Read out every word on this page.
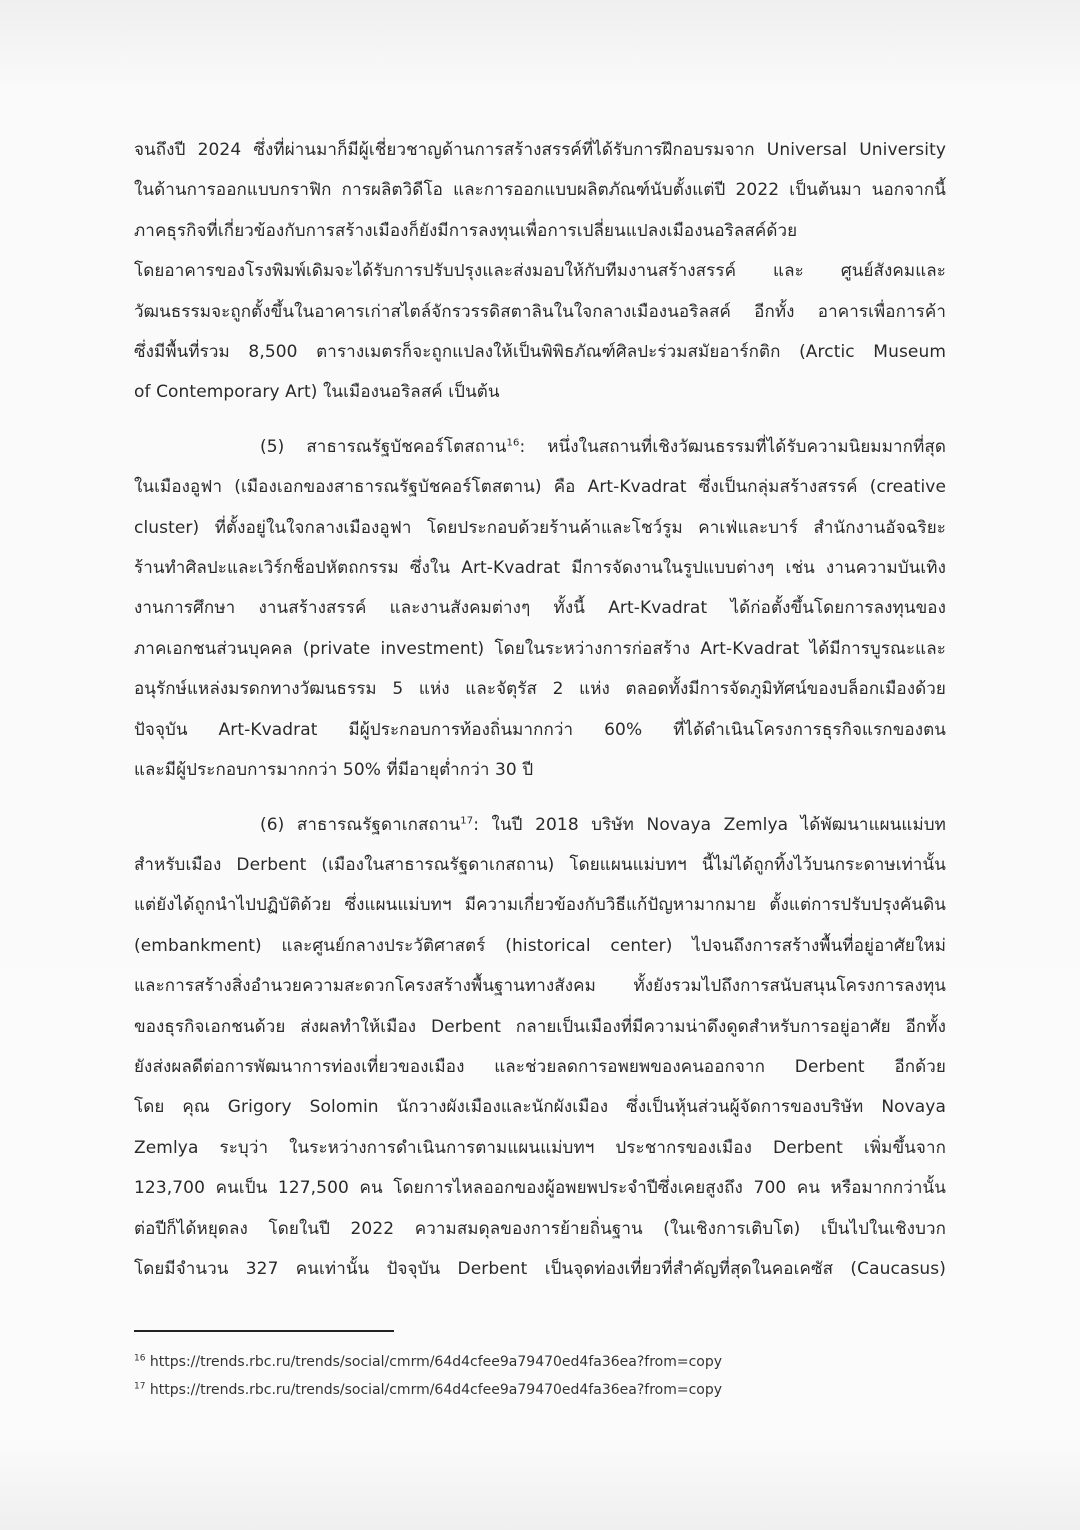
จนถึงปี 2024 ซึ่งที่ผ่านมาก็มีผู้เชี่ยวชาญด้านการสร้างสรรค์ที่ได้รับการฝึกอบรมจาก Universal University
ในด้านการออกแบบกราฟิก การผลิตวิดีโอ และการออกแบบผลิตภัณฑ์นับตั้งแต่ปี 2022 เป็นต้นมา นอกจากนี้
ภาคธุรกิจที่เกี่ยวข้องกับการสร้างเมืองก็ยังมีการลงทุนเพื่อการเปลี่ยนแปลงเมืองนอริลสค์ด้วย
โดยอาคารของโรงพิมพ์เดิมจะได้รับการปรับปรุงและส่งมอบให้กับทีมงานสร้างสรรค์ และ ศูนย์สังคมและ
วัฒนธรรมจะถูกตั้งขึ้นในอาคารเก่าสไตล์จักรวรรดิสตาลินในใจกลางเมืองนอริลสค์ อีกทั้ง อาคารเพื่อการค้า
ซึ่งมีพื้นที่รวม 8,500 ตารางเมตรก็จะถูกแปลงให้เป็นพิพิธภัณฑ์ศิลปะร่วมสมัยอาร์กติก (Arctic Museum
of Contemporary Art) ในเมืองนอริลสค์ เป็นต้น
(5) สาธารณรัฐบัชคอร์โตสถาน$^{16}$: หนึ่งในสถานที่เชิงวัฒนธรรมที่ได้รับความนิยมมากที่สุด
ในเมืองอูฟา (เมืองเอกของสาธารณรัฐบัชคอร์โตสตาน) คือ Art-Kvadrat ซึ่งเป็นกลุ่มสร้างสรรค์ (creative
cluster) ที่ตั้งอยู่ในใจกลางเมืองอูฟา โดยประกอบด้วยร้านค้าและโชว์รูม คาเฟ่และบาร์ สำนักงานอัจฉริยะ
ร้านทำศิลปะและเวิร์กช็อปหัตถกรรม ซึ่งใน Art-Kvadrat มีการจัดงานในรูปแบบต่างๆ เช่น งานความบันเทิง
งานการศึกษา งานสร้างสรรค์ และงานสังคมต่างๆ ทั้งนี้ Art-Kvadrat ได้ก่อตั้งขึ้นโดยการลงทุนของ
ภาคเอกชนส่วนบุคคล (private investment) โดยในระหว่างการก่อสร้าง Art-Kvadrat ได้มีการบูรณะและ
อนุรักษ์แหล่งมรดกทางวัฒนธรรม 5 แห่ง และจัตุรัส 2 แห่ง ตลอดทั้งมีการจัดภูมิทัศน์ของบล็อกเมืองด้วย
ปัจจุบัน Art-Kvadrat มีผู้ประกอบการท้องถิ่นมากกว่า 60% ที่ได้ดำเนินโครงการธุรกิจแรกของตน
และมีผู้ประกอบการมากกว่า 50% ที่มีอายุต่ำกว่า 30 ปี
(6) สาธารณรัฐดาเกสถาน$^{17}$: ในปี 2018 บริษัท Novaya Zemlya ได้พัฒนาแผนแม่บท
สำหรับเมือง Derbent (เมืองในสาธารณรัฐดาเกสถาน) โดยแผนแม่บทฯ นี้ไม่ได้ถูกทิ้งไว้บนกระดาษเท่านั้น
แต่ยังได้ถูกนำไปปฏิบัติด้วย ซึ่งแผนแม่บทฯ มีความเกี่ยวข้องกับวิธีแก้ปัญหามากมาย ตั้งแต่การปรับปรุงคันดิน
(embankment) และศูนย์กลางประวัติศาสตร์ (historical center) ไปจนถึงการสร้างพื้นที่อยู่อาศัยใหม่
และการสร้างสิ่งอำนวยความสะดวกโครงสร้างพื้นฐานทางสังคม ทั้งยังรวมไปถึงการสนับสนุนโครงการลงทุน
ของธุรกิจเอกชนด้วย ส่งผลทำให้เมือง Derbent กลายเป็นเมืองที่มีความน่าดึงดูดสำหรับการอยู่อาศัย อีกทั้ง
ยังส่งผลดีต่อการพัฒนาการท่องเที่ยวของเมือง และช่วยลดการอพยพของคนออกจาก Derbent อีกด้วย
โดย คุณ Grigory Solomin นักวางผังเมืองและนักผังเมือง ซึ่งเป็นหุ้นส่วนผู้จัดการของบริษัท Novaya
Zemlya ระบุว่า ในระหว่างการดำเนินการตามแผนแม่บทฯ ประชากรของเมือง Derbent เพิ่มขึ้นจาก
123,700 คนเป็น 127,500 คน โดยการไหลออกของผู้อพยพประจำปีซึ่งเคยสูงถึง 700 คน หรือมากกว่านั้น
ต่อปีก็ได้หยุดลง โดยในปี 2022 ความสมดุลของการย้ายถิ่นฐาน (ในเชิงการเติบโต) เป็นไปในเชิงบวก
โดยมีจำนวน 327 คนเท่านั้น ปัจจุบัน Derbent เป็นจุดท่องเที่ยวที่สำคัญที่สุดในคอเคซัส (Caucasus)
$^{16}$ https://trends.rbc.ru/trends/social/cmrm/64d4cfee9a79470ed4fa36ea?from=copy
$^{17}$ https://trends.rbc.ru/trends/social/cmrm/64d4cfee9a79470ed4fa36ea?from=copy
